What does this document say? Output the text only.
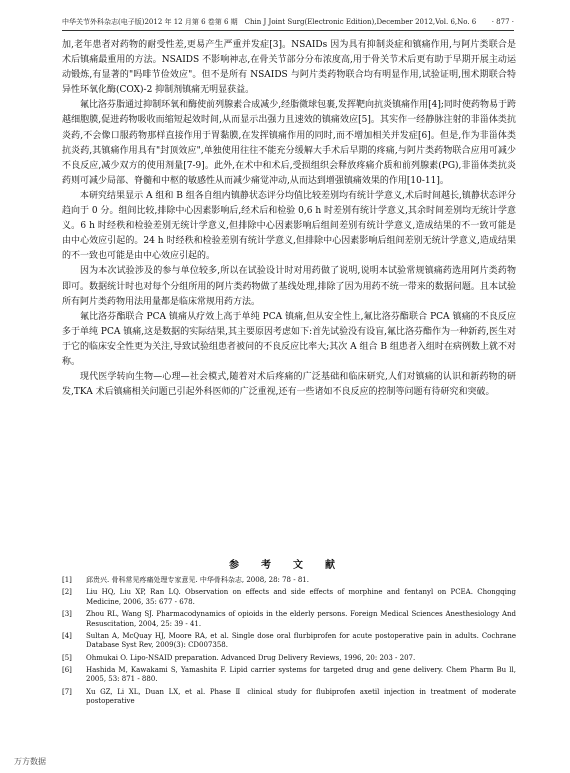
中华关节外科杂志(电子版)2012 年 12 月第 6 卷第 6 期　Chin J Joint Surg(Electronic Edition),December 2012,Vol. 6,No. 6 · 877 ·

加,老年患者对药物的耐受性差,更易产生严重并发症[3]。NSAIDs 因为具有抑制炎症和镇痛作用,与阿片类联合是术后镇痛最重用的方法。NSAIDS 不影响神志,在骨关节部分分布浓度高,用于骨关节术后更有助于早期开展主动运动锻炼,有显著的"吗啡节俭效应"。但不是所有 NSAIDS 与阿片类药物联合均有明显作用,试验证明,围术期联合特异性环氧化酶(COX)-2 抑制剂镇痛无明显获益。

氟比洛芬脂通过抑制环氧和酶使前列腺素合成减少,经脂微球包裹,发挥靶向抗炎镇痛作用[4];同时使药物易于跨越细胞膜,促进药物吸收而缩短起效时间,从而显示出强力且速效的镇痛效应[5]。其实作一经静脉注射的非甾体类抗炎药,不会像口服药物那样直接作用于胃黏膜,在发挥镇痛作用的同时,而不增加相关并发症[6]。但是,作为非甾体类抗炎药,其镇痛作用具有"封顶效应",单独使用往往不能充分缓解大手术后早期的疼痛,与阿片类药物联合应用可减少不良反应,减少双方的使用剂量[7-9]。此外,在术中和术后,受损组织会释放疼痛介质和前列腺素(PG),非甾体类抗炎药则可减少局部、脊髓和中枢的敏感性从而减少痛觉冲动,从而达到增强镇痛效果的作用[10-11]。

本研究结果显示 A 组和 B 组各自组内镇静状态评分均值比较差别均有统计学意义,术后时间越长,镇静状态评分趋向于 0 分。组间比较,排除中心因素影响后,经术后和检验 0,6 h 时差别有统计学意义,其余时间差别均无统计学意义。6 h 时经秩和检验差别无统计学意义,但排除中心因素影响后组间差别有统计学意义,造成结果的不一致可能是由中心效应引起的。24 h 时经秩和检验差别有统计学意义,但排除中心因素影响后组间差别无统计学意义,造成结果的不一致也可能是由中心效应引起的。

因为本次试验涉及的参与单位较多,所以在试验设计时对用药做了说明,说明本试验常规镇痛药选用阿片类药物即可。数据统计时也对每个分组所用的阿片类药物做了基线处理,排除了因为用药不统一带来的数据问题。且本试验所有阿片类药物用法用量都是临床常规用药方法。

氟比洛芬酯联合 PCA 镇痛从疗效上高于单纯 PCA 镇痛,但从安全性上,氟比洛芬酯联合 PCA 镇痛的不良反应多于单纯 PCA 镇痛,这是数据的实际结果,其主要原因考虑如下:首先试验没有设盲,氟比洛芬酯作为一种新药,医生对于它的临床安全性更为关注,导致试验组患者被问的不良反应比率大;其次 A 组合 B 组患者入组时在病例数上就不对称。

现代医学转向生物—心理—社会模式,随着对术后疼痛的广泛基础和临床研究,人们对镇痛的认识和新药物的研发,TKA 术后镇痛相关问题已引起外科医师的广泛重视,还有一些诸如不良反应的控制等问题有待研究和突破。

参　考　文　献
[1] 邱贵兴. 骨科常见疼痛处理专家意见. 中华骨科杂志, 2008, 28: 78 - 81.
[2] Liu HQ, Liu XP, Ran LQ. Observation on effects and side effects of morphine and fentanyl on PCEA. Chongqing Medicine, 2006, 35: 677 - 678.
[3] Zhou RL, Wang SJ. Pharmacodynamics of opioids in the elderly persons. Foreign Medical Sciences Anesthesiology And Resuscitation, 2004, 25: 39 - 41.
[4] Sultan A, McQuay HJ, Moore RA, et al. Single dose oral flurbiprofen for acute postoperative pain in adults. Cochrane Database Syst Rev, 2009(3): CD007358.
[5] Ohmukai O. Lipo-NSAID preparation. Advanced Drug Delivery Reviews, 1996, 20: 203 - 207.
[6] Hashida M, Kawakami S, Yamashita F. Lipid carrier systems for targeted drug and gene delivery. Chem Pharm Bu ll, 2005, 53: 871 - 880.
[7] Xu GZ, Li XL, Duan LX, et al. Phase Ⅱ clinical study for flubiprofen axetil injection in treatment of moderate postoperative
万方数据
